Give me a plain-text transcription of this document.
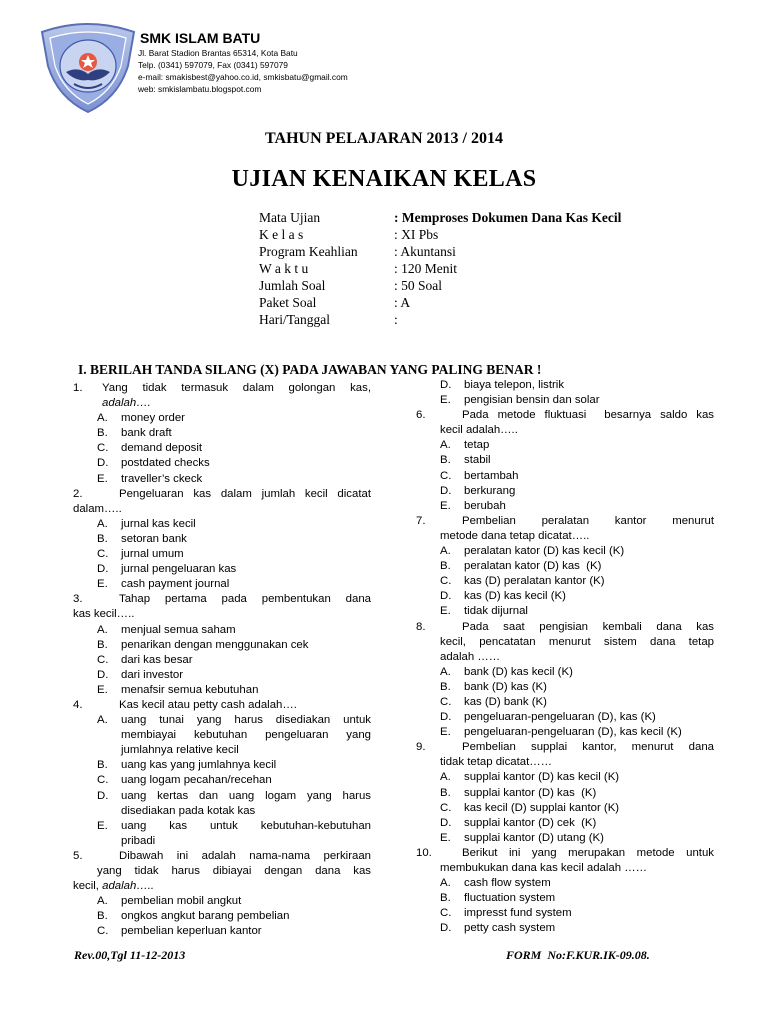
SMK ISLAM BATU
Jl. Barat Stadion Brantas 65314, Kota Batu
Telp. (0341) 597079, Fax (0341) 597079
e-mail: smakisbest@yahoo.co.id, smkisbatu@gmail.com
web: smkislambatu.blogspot.com
TAHUN PELAJARAN 2013 / 2014
UJIAN KENAIKAN KELAS
Mata Ujian	: Memproses Dokumen Dana Kas Kecil
K e l a s	: XI Pbs
Program Keahlian	: Akuntansi
W a k t u	: 120 Menit
Jumlah Soal	: 50 Soal
Paket Soal	: A
Hari/Tanggal	:
I. BERILAH TANDA SILANG (X) PADA JAWABAN YANG PALING BENAR !
1.	Yang tidak termasuk dalam golongan kas,
adalah….
A. money order
B. bank draft
C. demand deposit
D. postdated checks
E. traveller’s ckeck
2.	Pengeluaran kas dalam jumlah kecil dicatat
dalam…..
A. jurnal kas kecil
B. setoran bank
C. jurnal umum
D. jurnal pengeluaran kas
E. cash payment journal
3.	Tahap pertama pada pembentukan dana
kas kecil…..
A. menjual semua saham
B. penarikan dengan menggunakan cek
C. dari kas besar
D. dari investor
E. menafsir semua kebutuhan
4.	Kas kecil atau petty cash adalah….
A. uang tunai yang harus disediakan untuk
membiayai kebutuhan pengeluaran yang
jumlahnya relative kecil
B. uang kas yang jumlahnya kecil
C. uang logam pecahan/recehan
D. uang kertas dan uang logam yang harus
disediakan pada kotak kas
E. uang    kas    untuk    kebutuhan-kebutuhan
pribadi
5.	Dibawah ini adalah nama-nama perkiraan
yang tidak harus dibiayai dengan dana kas
kecil, adalah…..
A. pembelian mobil angkut
B. ongkos angkut barang pembelian
C. pembelian keperluan kantor
D. biaya telepon, listrik
E. pengisian bensin dan solar
6.	Pada metode fluktuasi  besarnya saldo kas
kecil adalah…..
A. tetap
B. stabil
C. bertambah
D. berkurang
E. berubah
7.	Pembelian      peralatan      kantor      menurut
metode dana tetap dicatat…..
A. peralatan kator (D) kas kecil (K)
B. peralatan kator (D) kas  (K)
C. kas (D) peralatan kantor (K)
D. kas (D) kas kecil (K)
E. tidak dijurnal
8.	Pada saat pengisian kembali dana kas
kecil, pencatatan menurut sistem dana tetap
adalah ……
A. bank (D) kas kecil (K)
B. bank (D) kas (K)
C. kas (D) bank (K)
D. pengeluaran-pengeluaran (D), kas (K)
E. pengeluaran-pengeluaran (D), kas kecil (K)
9.	Pembelian supplai kantor, menurut dana
tidak tetap dicatat……
A. supplai kantor (D) kas kecil (K)
B. supplai kantor (D) kas  (K)
C. kas kecil (D) supplai kantor (K)
D. supplai kantor (D) cek  (K)
E. supplai kantor (D) utang (K)
10.	Berikut ini yang merupakan metode untuk
membukukan dana kas kecil adalah ……
A. cash flow system
B. fluctuation system
C. impresst fund system
D. petty cash system
Rev.00,Tgl 11-12-2013	FORM  No:F.KUR.IK-09.08.
